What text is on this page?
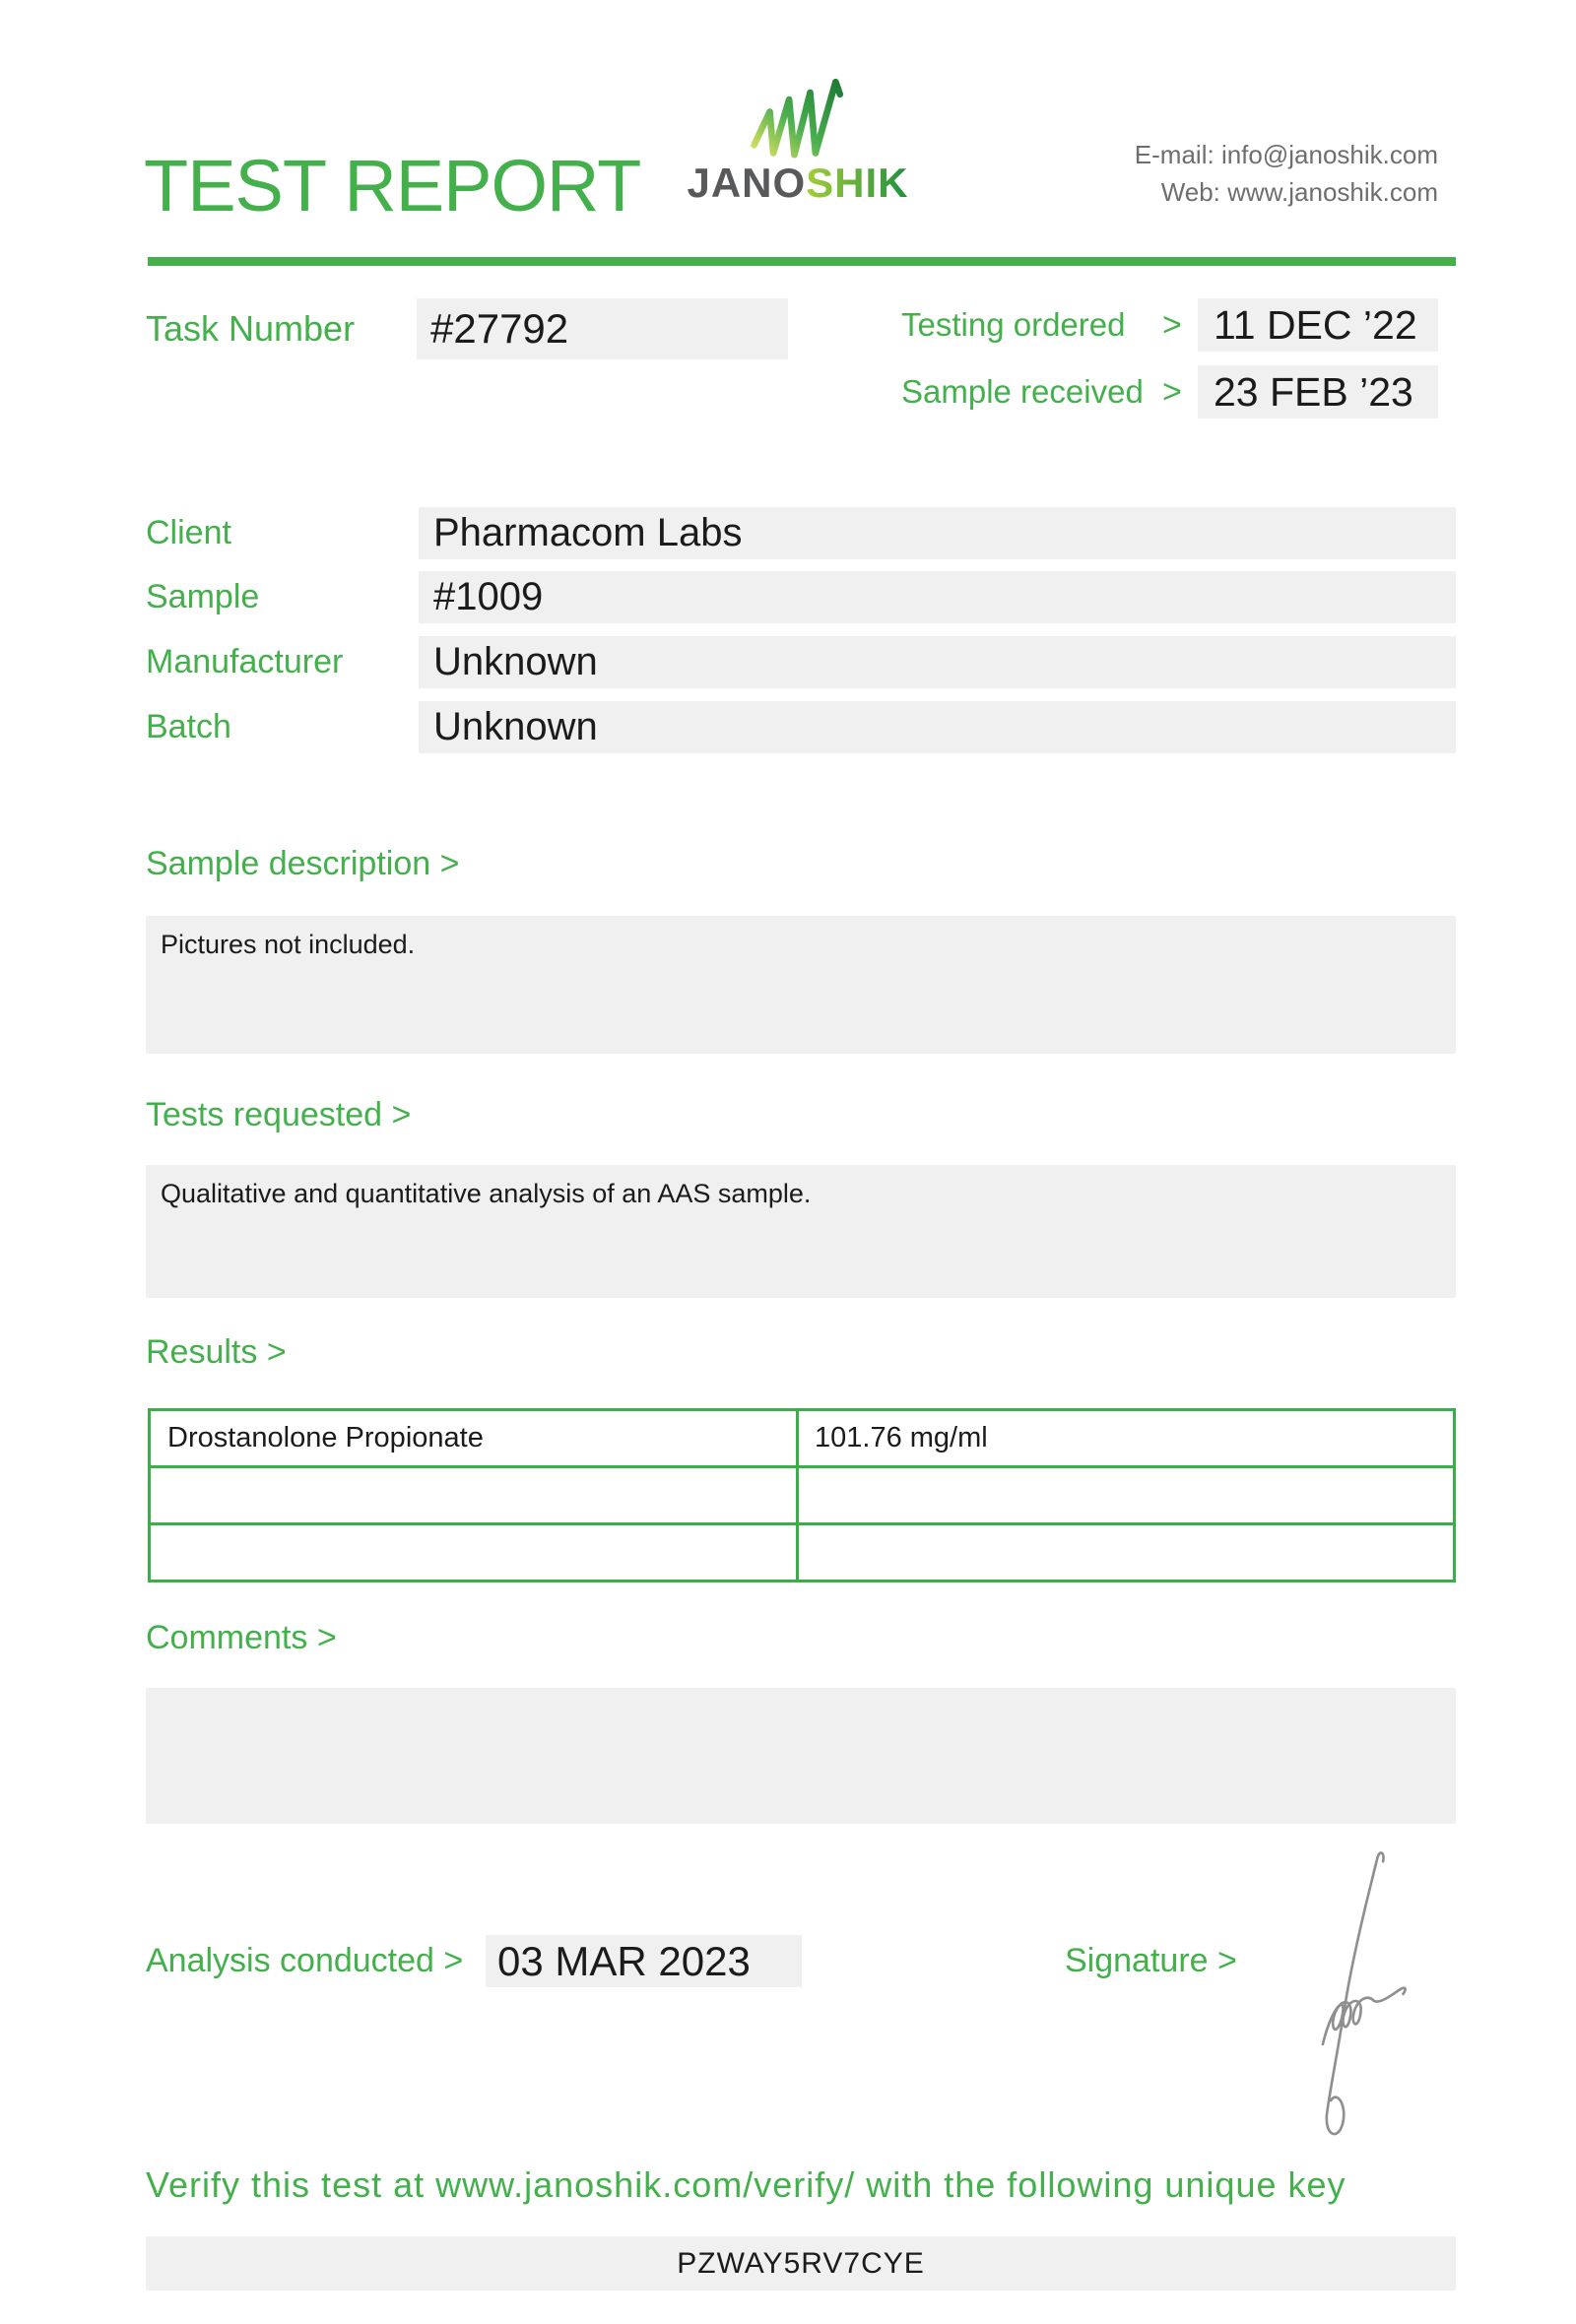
TEST REPORT JANOSHIK
E-mail: info@janoshik.com
Web: www.janoshik.com
Task Number	#27792	Testing ordered	> 11 DEC ’22
Sample received > 23 FEB ’23
Client	Pharmacom Labs
Sample	#1009
Manufacturer	Unknown
Batch	Unknown
Sample description >
Pictures not included.
Tests requested >
Qualitative and quantitative analysis of an AAS sample.
Results >
Drostanolone Propionate	101.76 mg/ml
Comments >
Analysis conducted > 03 MAR 2023	Signature >
Verify this test at www.janoshik.com/verify/ with the following unique key
PZWAY5RV7CYE
